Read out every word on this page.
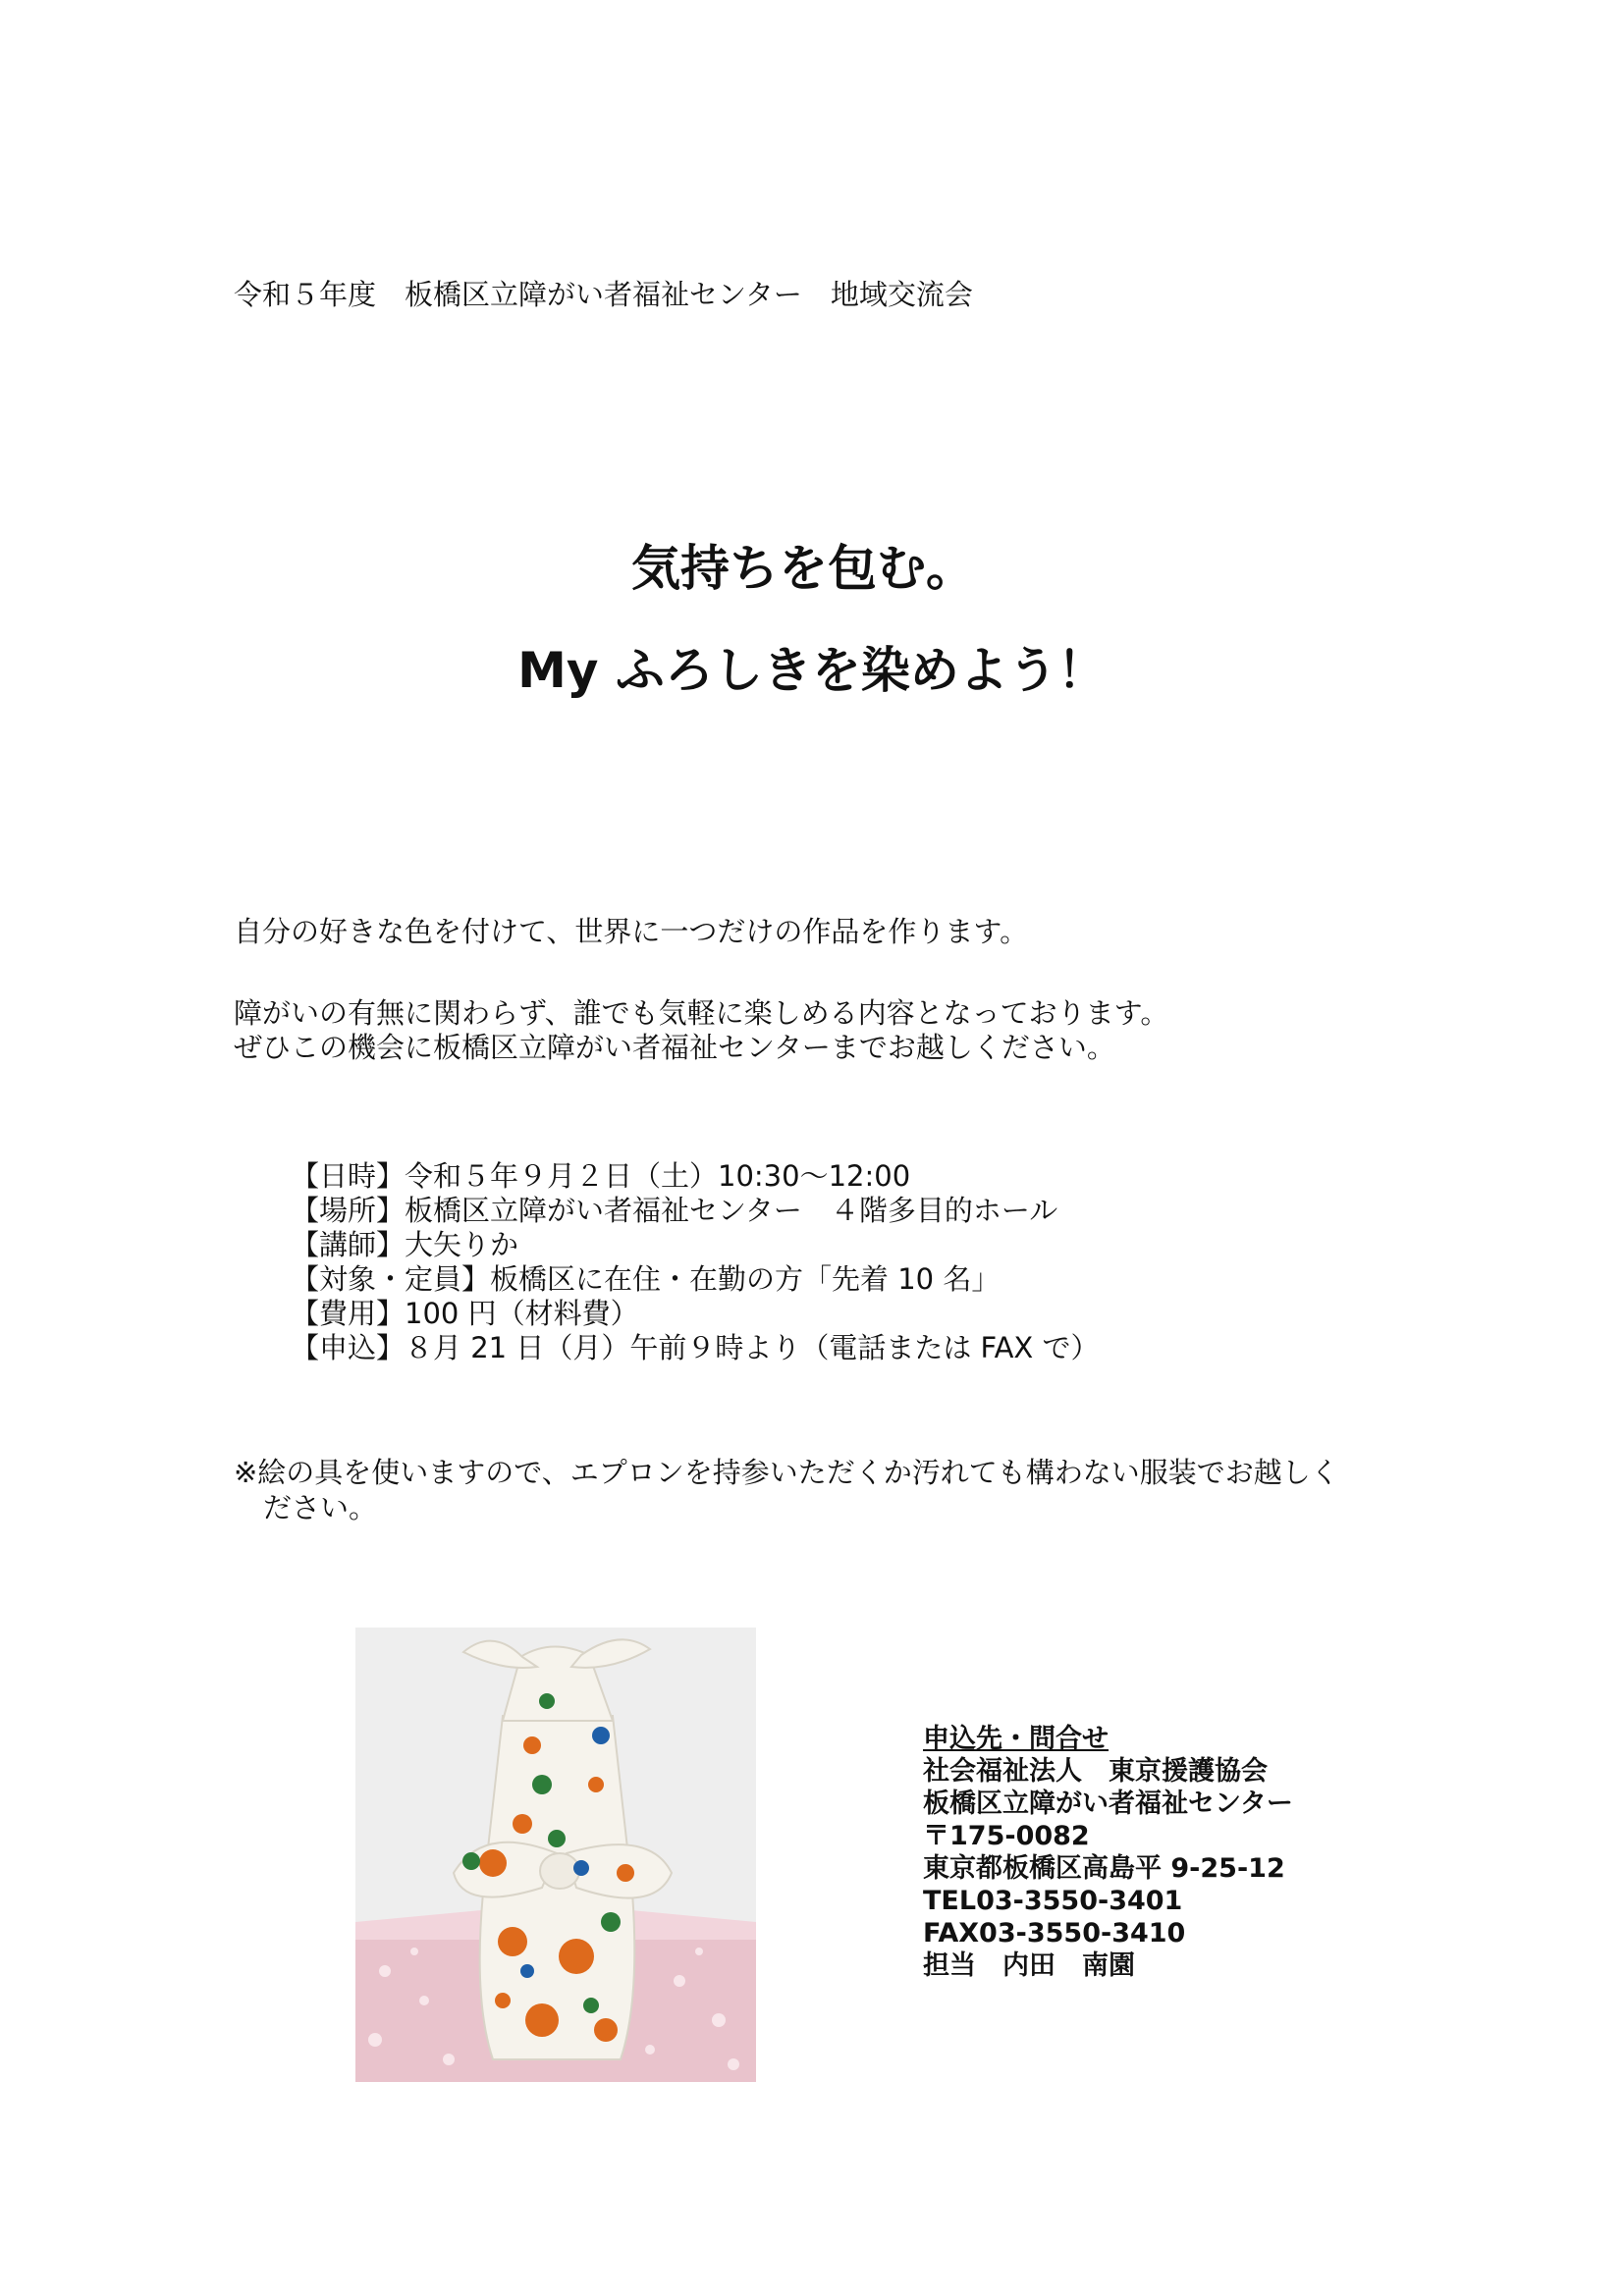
令和５年度　板橋区立障がい者福祉センター　地域交流会
気持ちを包む。
My ふろしきを染めよう！
自分の好きな色を付けて、世界に一つだけの作品を作ります。
障がいの有無に関わらず、誰でも気軽に楽しめる内容となっております。
ぜひこの機会に板橋区立障がい者福祉センターまでお越しください。
【日時】令和５年９月２日（土）10:30～12:00
【場所】板橋区立障がい者福祉センター　４階多目的ホール
【講師】大矢りか
【対象・定員】板橋区に在住・在勤の方「先着 10 名」
【費用】100 円（材料費）
【申込】８月 21 日（月）午前９時より（電話または FAX で）
※絵の具を使いますので、エプロンを持参いただくか汚れても構わない服装でお越しく
ださい。
申込先・問合せ
社会福祉法人　東京援護協会
板橋区立障がい者福祉センター
〒175-0082
東京都板橋区高島平 9-25-12
TEL03-3550-3401
FAX03-3550-3410
担当　内田　南園
